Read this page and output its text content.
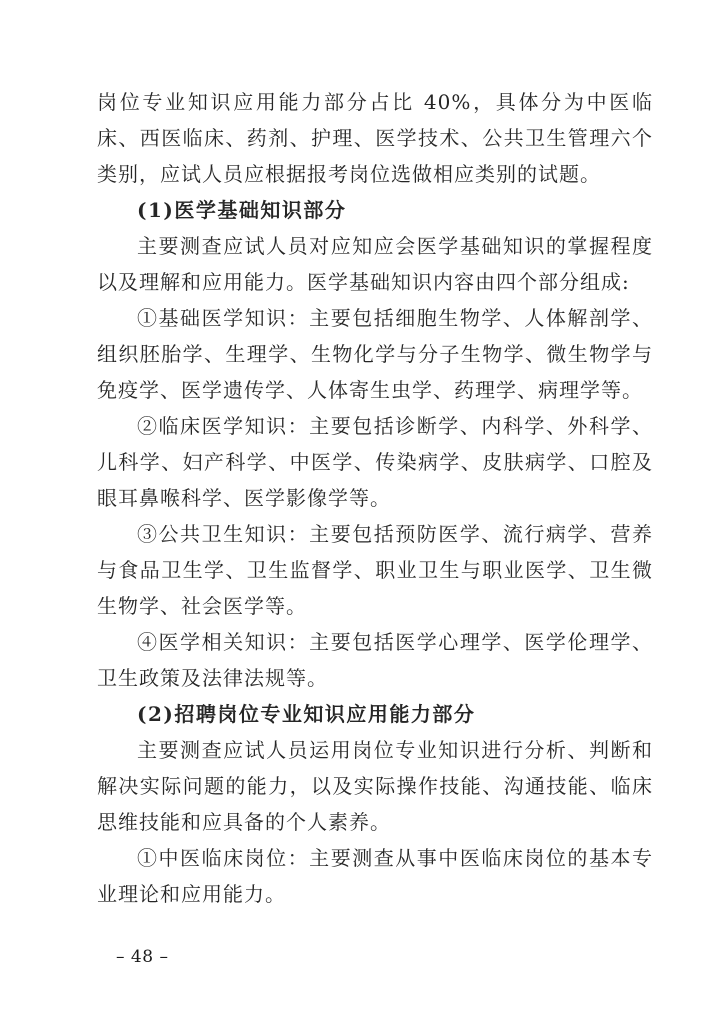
岗位专业知识应用能力部分占比 40%，具体分为中医临床、西医临床、药剂、护理、医学技术、公共卫生管理六个类别，应试人员应根据报考岗位选做相应类别的试题。

(1)医学基础知识部分

主要测查应试人员对应知应会医学基础知识的掌握程度以及理解和应用能力。医学基础知识内容由四个部分组成:

①基础医学知识：主要包括细胞生物学、人体解剖学、组织胚胎学、生理学、生物化学与分子生物学、微生物学与免疫学、医学遗传学、人体寄生虫学、药理学、病理学等。

②临床医学知识：主要包括诊断学、内科学、外科学、儿科学、妇产科学、中医学、传染病学、皮肤病学、口腔及眼耳鼻喉科学、医学影像学等。

③公共卫生知识：主要包括预防医学、流行病学、营养与食品卫生学、卫生监督学、职业卫生与职业医学、卫生微生物学、社会医学等。

④医学相关知识：主要包括医学心理学、医学伦理学、卫生政策及法律法规等。

(2)招聘岗位专业知识应用能力部分

主要测查应试人员运用岗位专业知识进行分析、判断和解决实际问题的能力，以及实际操作技能、沟通技能、临床思维技能和应具备的个人素养。

①中医临床岗位：主要测查从事中医临床岗位的基本专业理论和应用能力。

– 48 –
